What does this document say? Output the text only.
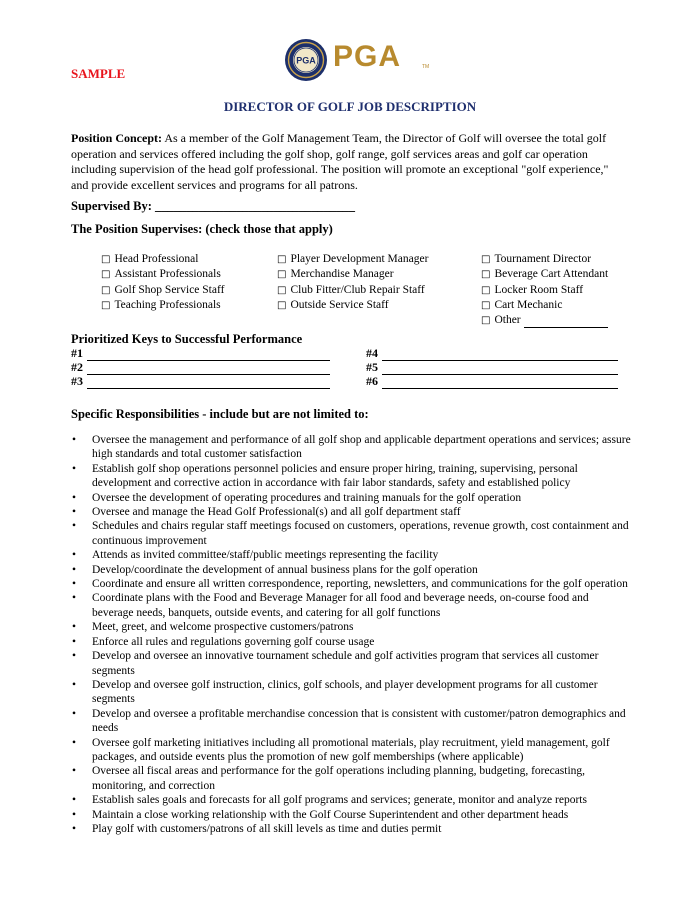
SAMPLE
PGA PGA	TM
DIRECTOR OF GOLF JOB DESCRIPTION
Position Concept: As a member of the Golf Management Team, the Director of Golf will oversee the total golf operation and services offered including the golf shop, golf range, golf services areas and golf car operation including supervision of the head golf professional. The position will promote an exceptional "golf experience," and provide excellent services and programs for all patrons.
Supervised By: ________________________________
The Position Supervises: (check those that apply)
□ Head Professional
□ Assistant Professionals
□ Golf Shop Service Staff
□ Teaching Professionals
□ Player Development Manager
□ Merchandise Manager
□ Club Fitter/Club Repair Staff
□ Outside Service Staff
□ Tournament Director
□ Beverage Cart Attendant
□ Locker Room Staff
□ Cart Mechanic
□ Other
Prioritized Keys to Successful Performance
#1
#2
#3
#4
#5
#6
Specific Responsibilities - include but are not limited to:
• Oversee the management and performance of all golf shop and applicable department operations and services; assure high standards and total customer satisfaction
• Establish golf shop operations personnel policies and ensure proper hiring, training, supervising, personal development and corrective action in accordance with fair labor standards, safety and established policy
• Oversee the development of operating procedures and training manuals for the golf operation
• Oversee and manage the Head Golf Professional(s) and all golf department staff
• Schedules and chairs regular staff meetings focused on customers, operations, revenue growth, cost containment and continuous improvement
• Attends as invited committee/staff/public meetings representing the facility
• Develop/coordinate the development of annual business plans for the golf operation
• Coordinate and ensure all written correspondence, reporting, newsletters, and communications for the golf operation
• Coordinate plans with the Food and Beverage Manager for all food and beverage needs, on-course food and beverage needs, banquets, outside events, and catering for all golf functions
• Meet, greet, and welcome prospective customers/patrons
• Enforce all rules and regulations governing golf course usage
• Develop and oversee an innovative tournament schedule and golf activities program that services all customer segments
• Develop and oversee golf instruction, clinics, golf schools, and player development programs for all customer segments
• Develop and oversee a profitable merchandise concession that is consistent with customer/patron demographics and needs
• Oversee golf marketing initiatives including all promotional materials, play recruitment, yield management, golf packages, and outside events plus the promotion of new golf memberships (where applicable)
• Oversee all fiscal areas and performance for the golf operations including planning, budgeting, forecasting, monitoring, and correction
• Establish sales goals and forecasts for all golf programs and services; generate, monitor and analyze reports
• Maintain a close working relationship with the Golf Course Superintendent and other department heads
• Play golf with customers/patrons of all skill levels as time and duties permit
